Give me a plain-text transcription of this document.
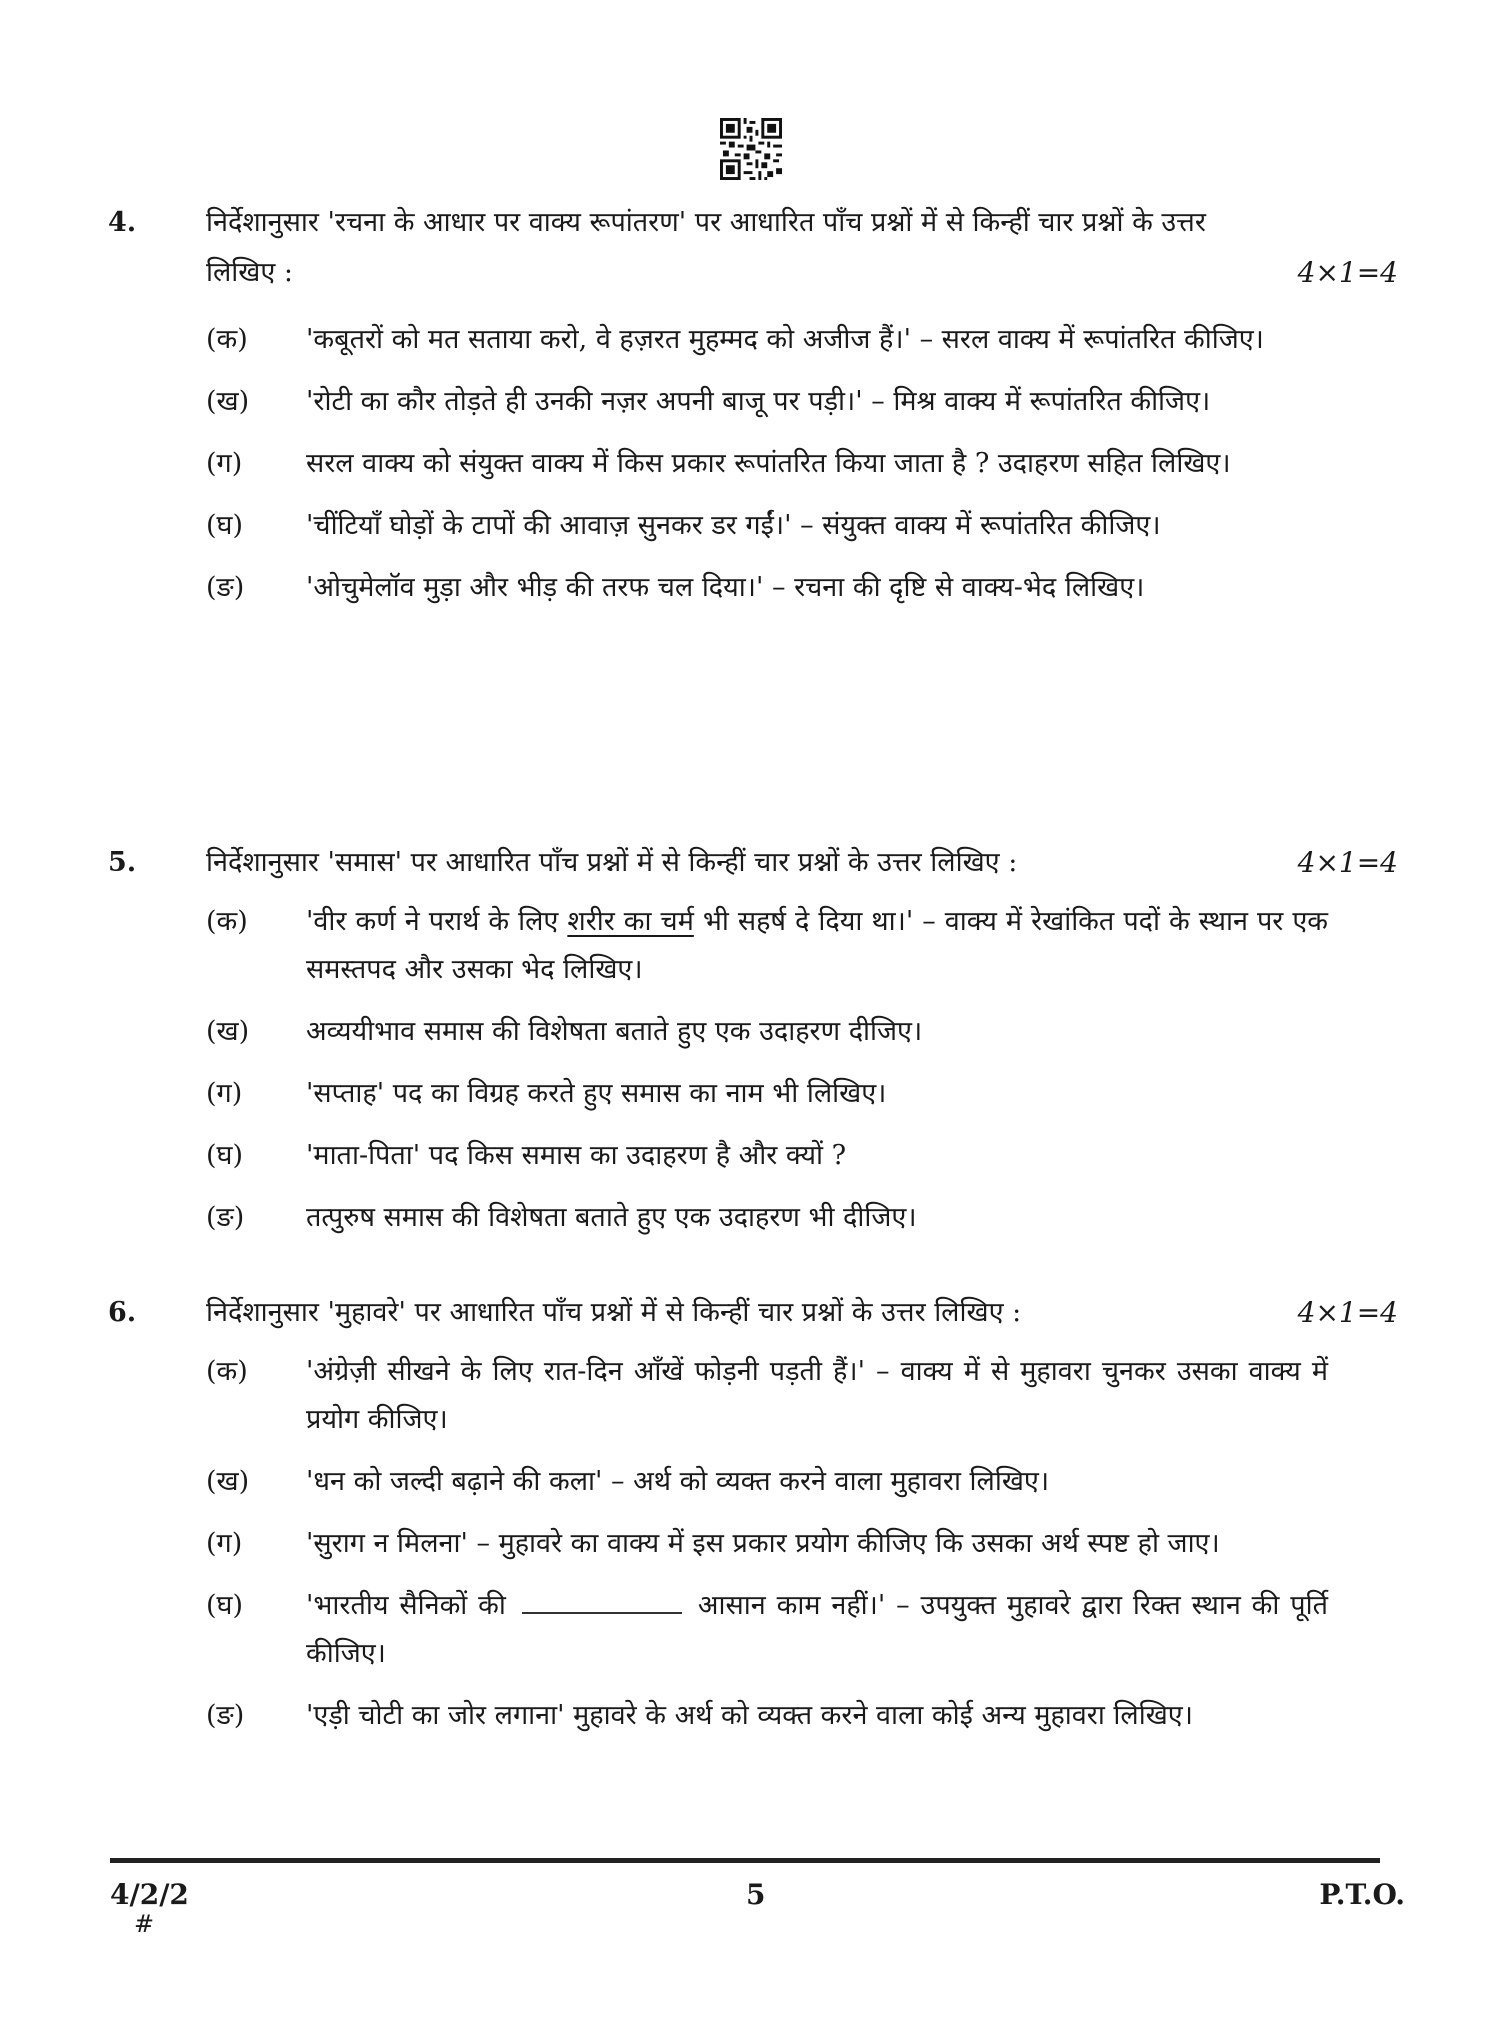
4.	निर्देशानुसार 'रचना के आधार पर वाक्य रूपांतरण' पर आधारित पाँच प्रश्नों में से किन्हीं चार प्रश्नों के उत्तर लिखिए :	4×1=4
(क) 'कबूतरों को मत सताया करो, वे हज़रत मुहम्मद को अजीज हैं।' – सरल वाक्य में रूपांतरित कीजिए।
(ख) 'रोटी का कौर तोड़ते ही उनकी नज़र अपनी बाजू पर पड़ी।' – मिश्र वाक्य में रूपांतरित कीजिए।
(ग) सरल वाक्य को संयुक्त वाक्य में किस प्रकार रूपांतरित किया जाता है ? उदाहरण सहित लिखिए।
(घ) 'चींटियाँ घोड़ों के टापों की आवाज़ सुनकर डर गईं।' – संयुक्त वाक्य में रूपांतरित कीजिए।
(ङ) 'ओचुमेलॉव मुड़ा और भीड़ की तरफ चल दिया।' – रचना की दृष्टि से वाक्य-भेद लिखिए।
5.	निर्देशानुसार 'समास' पर आधारित पाँच प्रश्नों में से किन्हीं चार प्रश्नों के उत्तर लिखिए :	4×1=4
(क) 'वीर कर्ण ने परार्थ के लिए शरीर का चर्म भी सहर्ष दे दिया था।' – वाक्य में रेखांकित पदों के स्थान पर एक समस्तपद और उसका भेद लिखिए।
(ख) अव्ययीभाव समास की विशेषता बताते हुए एक उदाहरण दीजिए।
(ग) 'सप्ताह' पद का विग्रह करते हुए समास का नाम भी लिखिए।
(घ) 'माता-पिता' पद किस समास का उदाहरण है और क्यों ?
(ङ) तत्पुरुष समास की विशेषता बताते हुए एक उदाहरण भी दीजिए।
6.	निर्देशानुसार 'मुहावरे' पर आधारित पाँच प्रश्नों में से किन्हीं चार प्रश्नों के उत्तर लिखिए :	4×1=4
(क) 'अंग्रेज़ी सीखने के लिए रात-दिन आँखें फोड़नी पड़ती हैं।' – वाक्य में से मुहावरा चुनकर उसका वाक्य में प्रयोग कीजिए।
(ख) 'धन को जल्दी बढ़ाने की कला' – अर्थ को व्यक्त करने वाला मुहावरा लिखिए।
(ग) 'सुराग न मिलना' – मुहावरे का वाक्य में इस प्रकार प्रयोग कीजिए कि उसका अर्थ स्पष्ट हो जाए।
(घ) 'भारतीय सैनिकों की	आसान काम नहीं।' – उपयुक्त मुहावरे द्वारा रिक्त स्थान की पूर्ति कीजिए।
(ङ) 'एड़ी चोटी का जोर लगाना' मुहावरे के अर्थ को व्यक्त करने वाला कोई अन्य मुहावरा लिखिए।
4/2/2
#
5	P.T.O.
